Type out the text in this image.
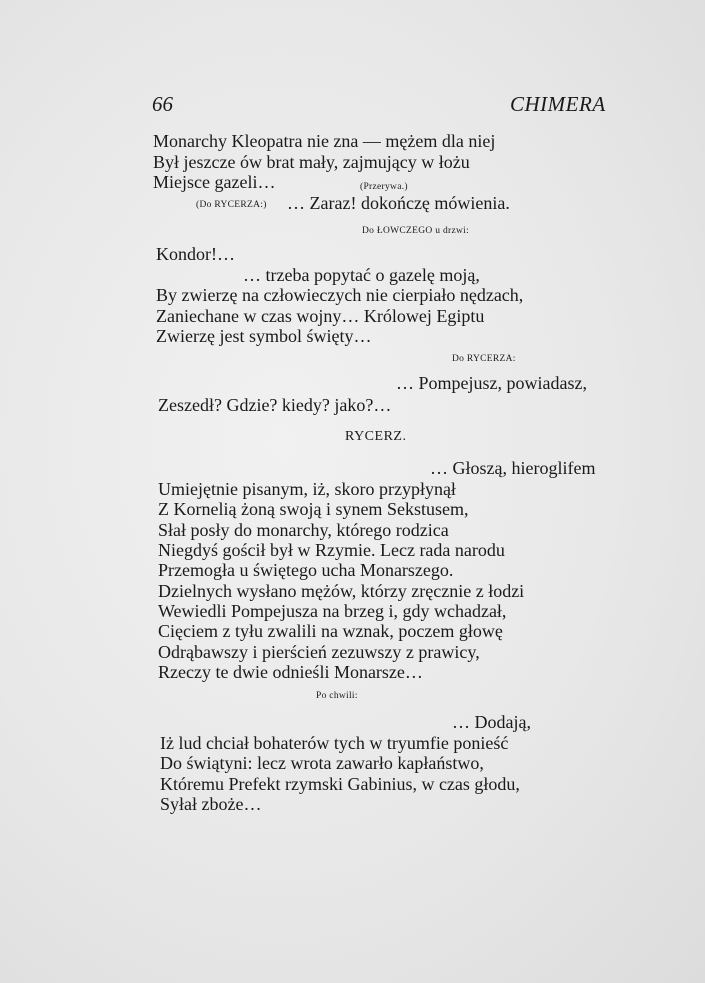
66	CHIMERA
Monarchy Kleopatra nie zna — mężem dla niej
Był jeszcze ów brat mały, zajmujący w łożu
Miejsce gazeli…	(Przerywa.)
(Do RYCERZA:) … Zaraz! dokończę mówienia.
Do ŁOWCZEGO u drzwi:
Kondor!…
… trzeba popytać o gazelę moją,
By zwierzę na człowieczych nie cierpiało nędzach,
Zaniechane w czas wojny… Królowej Egiptu
Zwierzę jest symbol święty…
Do RYCERZA:
… Pompejusz, powiadasz,
Zeszedł? Gdzie? kiedy? jako?…
RYCERZ.
… Głoszą, hieroglifem
Umiejętnie pisanym, iż, skoro przypłynął
Z Kornelią żoną swoją i synem Sekstusem,
Słał posły do monarchy, którego rodzica
Niegdyś gościł był w Rzymie. Lecz rada narodu
Przemogła u świętego ucha Monarszego.
Dzielnych wysłano mężów, którzy zręcznie z łodzi
Wewiedli Pompejusza na brzeg i, gdy wchadzał,
Cięciem z tyłu zwalili na wznak, poczem głowę
Odrąbawszy i pierścień zezuwszy z prawicy,
Rzeczy te dwie odnieśli Monarsze…
Po chwili:
… Dodają,
Iż lud chciał bohaterów tych w tryumfie ponieść
Do świątyni: lecz wrota zawarło kapłaństwo,
Któremu Prefekt rzymski Gabinius, w czas głodu,
Syłał zboże…
